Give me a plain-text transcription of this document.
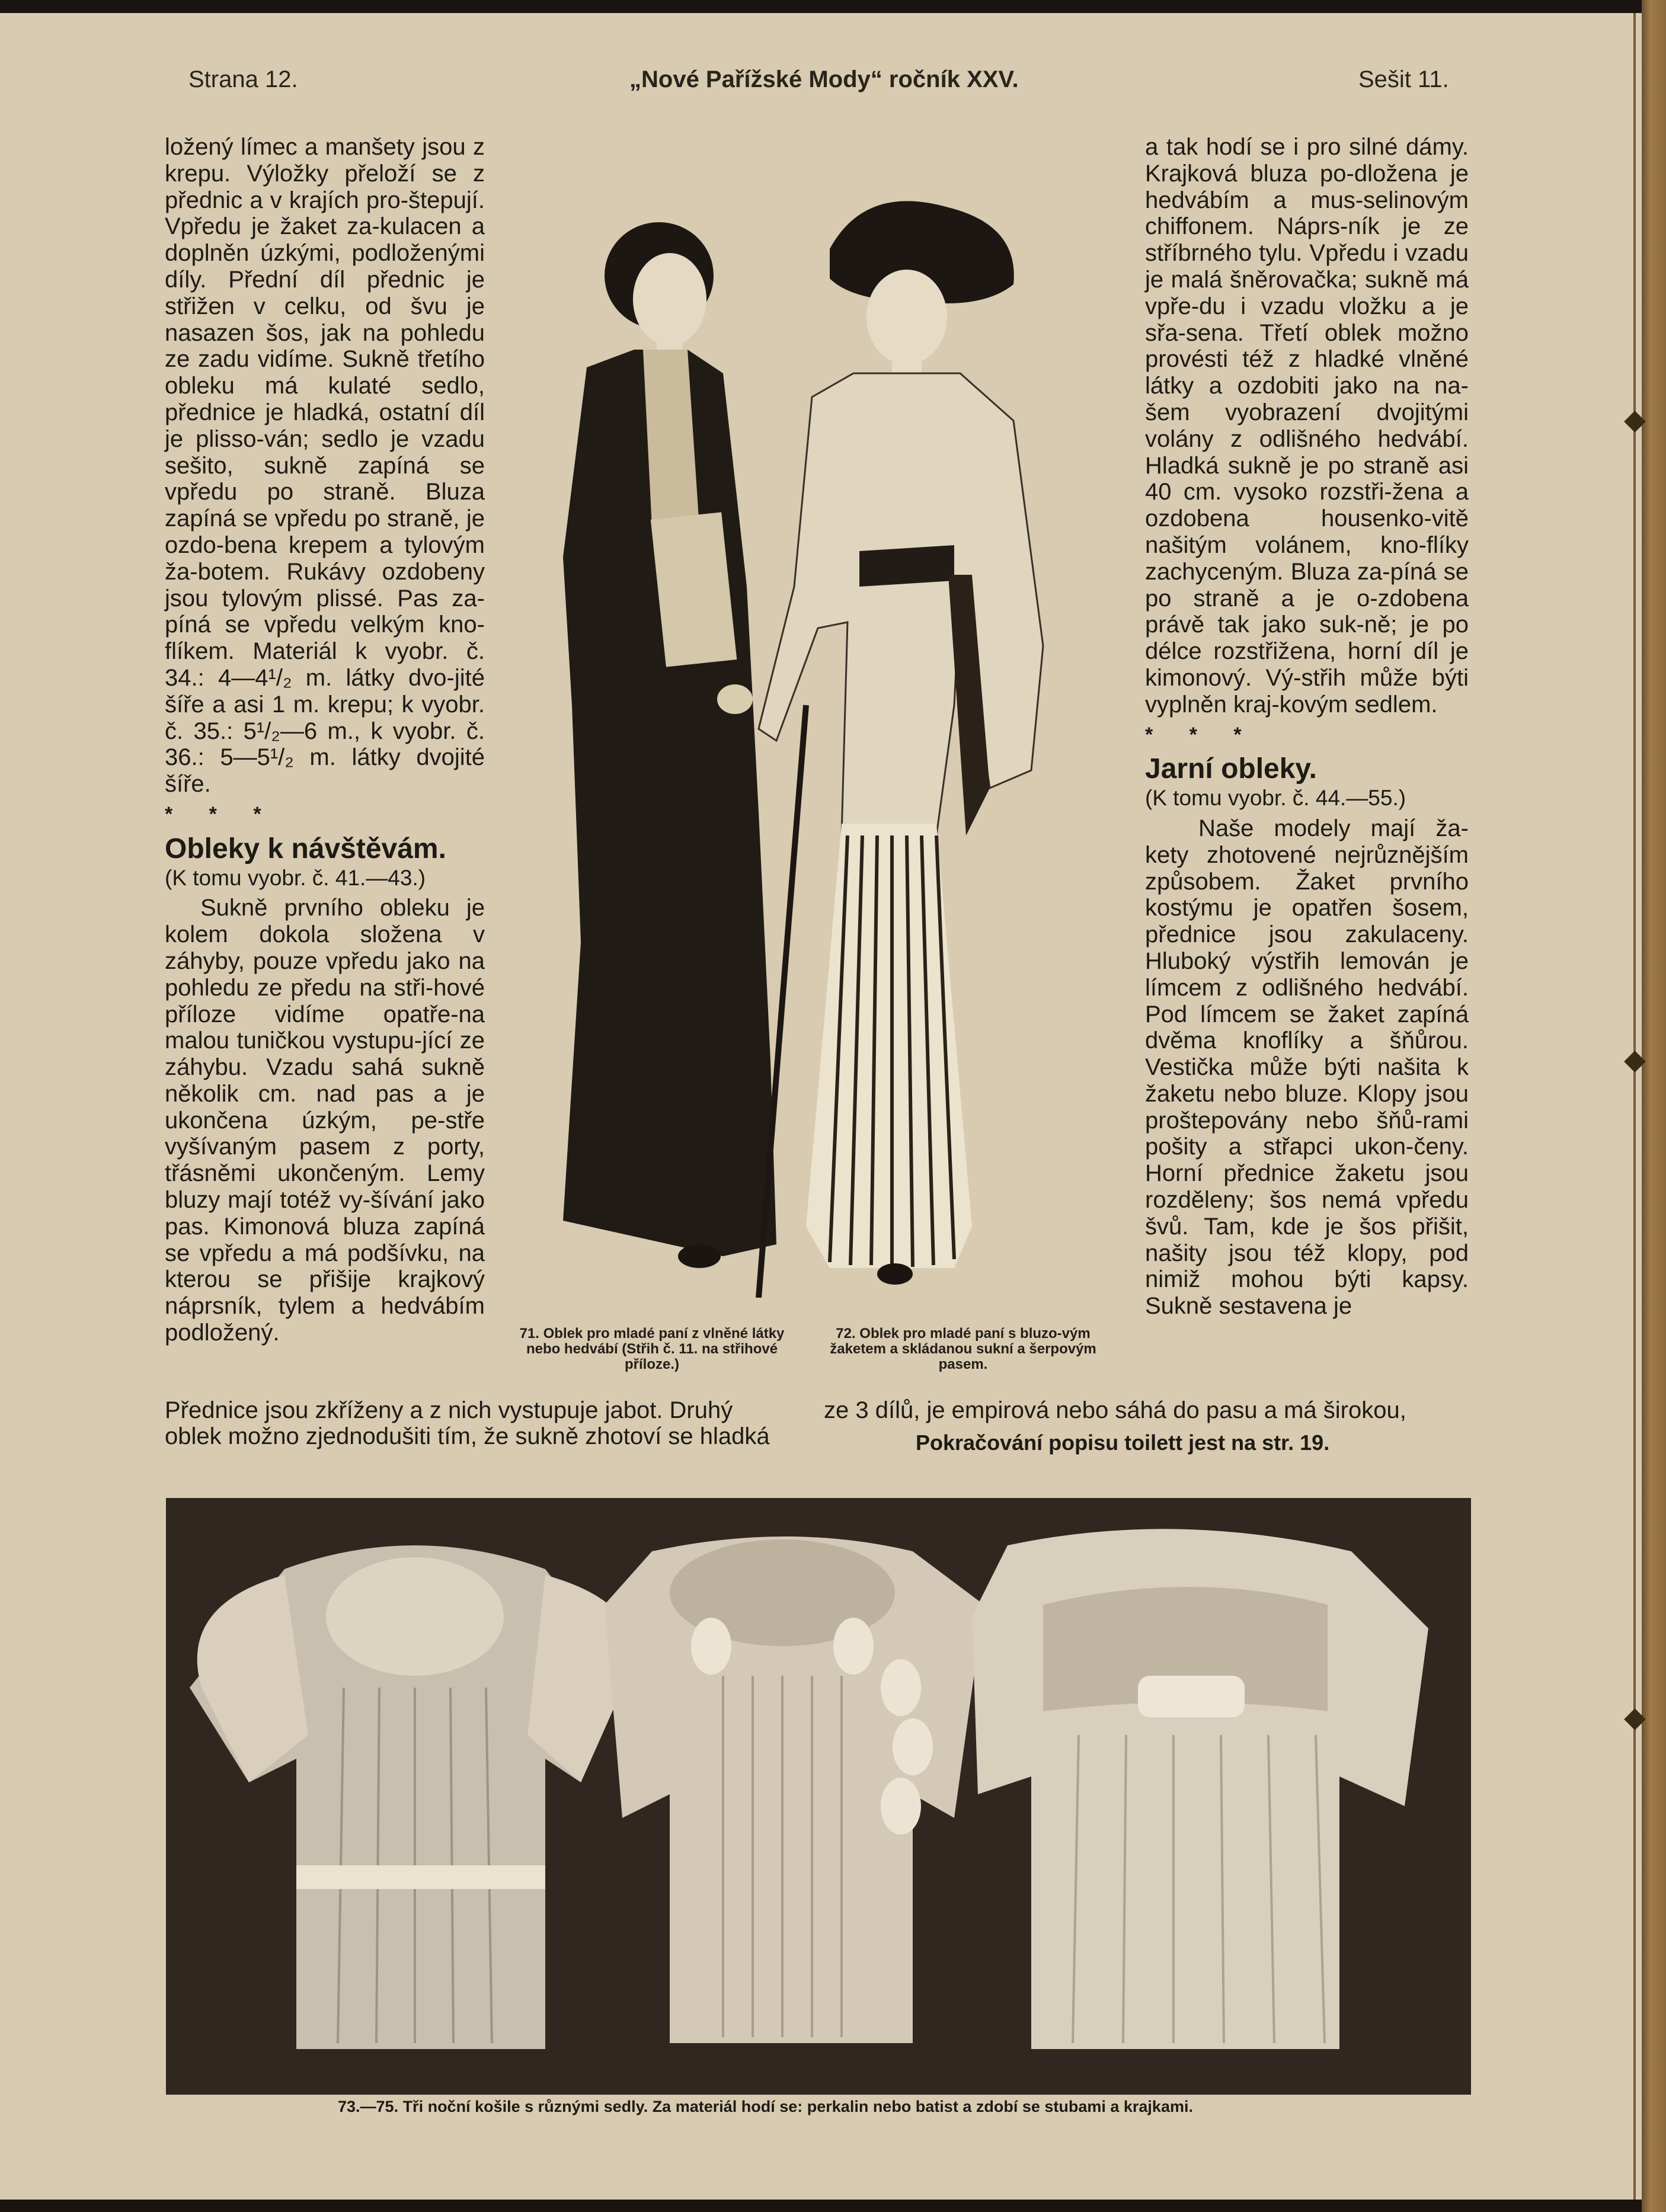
Strana 12.	„Nové Pařížské Mody“ ročník XXV.	Sešit 11.

ložený límec a manšety jsou z krepu. Výložky přeloží se z přednic a v krajích pro-štepují. Vpředu je žaket za-kulacen a doplněn úzkými, podloženými díly. Přední díl přednic je střižen v celku, od švu je nasazen šos, jak na pohledu ze zadu vidíme. Sukně třetího obleku má kulaté sedlo, přednice je hladká, ostatní díl je plisso-ván; sedlo je vzadu sešito, sukně zapíná se vpředu po straně. Bluza zapíná se vpředu po straně, je ozdo-bena krepem a tylovým ža-botem. Rukávy ozdobeny jsou tylovým plissé. Pas za-píná se vpředu velkým kno-flíkem. Materiál k vyobr. č. 34.: 4—4¹/₂ m. látky dvo-jité šíře a asi 1 m. krepu; k vyobr. č. 35.: 5¹/₂—6 m., k vyobr. č. 36.: 5—5¹/₂ m. látky dvojité šíře.

* * *
Obleky k návštěvám.
(K tomu vyobr. č. 41.—43.)

Sukně prvního obleku je kolem dokola složena v záhyby, pouze vpředu jako na pohledu ze předu na stři-hové příloze vidíme opatře-na malou tuničkou vystupu-jící ze záhybu. Vzadu sahá sukně několik cm. nad pas a je ukončena úzkým, pe-stře vyšívaným pasem z porty, třásněmi ukončeným. Lemy bluzy mají totéž vy-šívání jako pas. Kimonová bluza zapíná se vpředu a má podšívku, na kterou se přišije krajkový náprsník, tylem a hedvábím podložený.

Přednice jsou zkříženy a z nich vystupuje jabot. Druhý
oblek možno zjednodušiti tím, že sukně zhotoví se hladká
71. Oblek pro mladé paní z vlněné látky nebo hedvábí (Střih č. 11. na střihové příloze.)
72. Oblek pro mladé paní s bluzo-vým žaketem a skládanou sukní a šerpovým pasem.

a tak hodí se i pro silné dámy. Krajková bluza po-dložena je hedvábím a mus-selinovým chiffonem. Náprs-ník je ze stříbrného tylu. Vpředu i vzadu je malá šněrovačka; sukně má vpře-du i vzadu vložku a je sřa-sena. Třetí oblek možno provésti též z hladké vlněné látky a ozdobiti jako na na-šem vyobrazení dvojitými volány z odlišného hedvábí. Hladká sukně je po straně asi 40 cm. vysoko rozstři-žena a ozdobena housenko-vitě našitým volánem, kno-flíky zachyceným. Bluza za-píná se po straně a je o-zdobena právě tak jako suk-ně; je po délce rozstřižena, horní díl je kimonový. Vý-střih může býti vyplněn kraj-kovým sedlem.

* * *
Jarní obleky.
(K tomu vyobr. č. 44.—55.)

Naše modely mají ža-kety zhotovené nejrůznějším způsobem. Žaket prvního kostýmu je opatřen šosem, přednice jsou zakulaceny. Hluboký výstřih lemován je límcem z odlišného hedvábí. Pod límcem se žaket zapíná dvěma knoflíky a šňůrou. Vestička může býti našita k žaketu nebo bluze. Klopy jsou proštepovány nebo šňů-rami pošity a střapci ukon-čeny. Horní přednice žaketu jsou rozděleny; šos nemá vpředu švů. Tam, kde je šos přišit, našity jsou též klopy, pod nimiž mohou býti kapsy. Sukně sestavena je

ze 3 dílů, je empirová nebo sáhá do pasu a má širokou,
Pokračování popisu toilett jest na str. 19.
73.—75. Tři noční košile s různými sedly. Za materiál hodí se: perkalin nebo batist a zdobí se stubami a krajkami.
◆
◆
◆
